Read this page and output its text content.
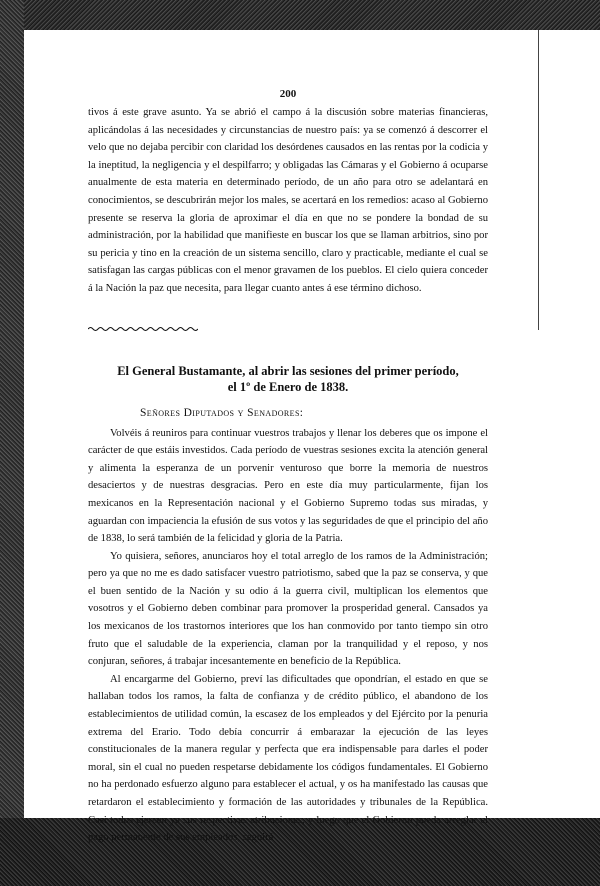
200

tivos á este grave asunto. Ya se abrió el campo á la discusión sobre materias financieras, aplicándolas á las necesidades y circunstancias de nuestro país: ya se comenzó á descorrer el velo que no dejaba percibir con claridad los desórdenes causados en las rentas por la codicia y la ineptitud, la negligencia y el despilfarro; y obligadas las Cámaras y el Gobierno á ocuparse anualmente de esta materia en determinado período, de un año para otro se adelantará en conocimientos, se descubrirán mejor los males, se acertará en los remedios: acaso al Gobierno presente se reserva la gloria de aproximar el día en que no se pondere la bondad de su administración, por la habilidad que manifieste en buscar los que se llaman arbitrios, sino por su pericia y tino en la creación de un sistema sencillo, claro y practicable, mediante el cual se satisfagan las cargas públicas con el menor gravamen de los pueblos. El cielo quiera conceder á la Nación la paz que necesita, para llegar cuanto antes á ese término dichoso.

El General Bustamante, al abrir las sesiones del primer período,
el 1º de Enero de 1838.
Señores Diputados y Senadores:

Volvéis á reuniros para continuar vuestros trabajos y llenar los deberes que os impone el carácter de que estáis investidos. Cada período de vuestras sesiones excita la atención general y alimenta la esperanza de un porvenir venturoso que borre la memoria de nuestros desaciertos y de nuestras desgracias. Pero en este día muy particularmente, fijan los mexicanos en la Representación nacional y el Gobierno Supremo todas sus miradas, y aguardan con impaciencia la efusión de sus votos y las seguridades de que el principio del año de 1838, lo será también de la felicidad y gloria de la Patria.

Yo quisiera, señores, anunciaros hoy el total arreglo de los ramos de la Administración; pero ya que no me es dado satisfacer vuestro patriotismo, sabed que la paz se conserva, y que el buen sentido de la Nación y su odio á la guerra civil, multiplican los elementos que vosotros y el Gobierno deben combinar para promover la prosperidad general. Cansados ya los mexicanos de los trastornos interiores que los han conmovido por tanto tiempo sin otro fruto que el saludable de la experiencia, claman por la tranquilidad y el reposo, y nos conjuran, señores, á trabajar incesantemente en beneficio de la República.

Al encargarme del Gobierno, preví las dificultades que opondrían, el estado en que se hallaban todos los ramos, la falta de confianza y de crédito público, el abandono de los establecimientos de utilidad común, la escasez de los empleados y del Ejército por la penuria extrema del Erario. Todo debía concurrir á embarazar la ejecución de las leyes constitucionales de la manera regular y perfecta que era indispensable para darles el poder moral, sin el cual no pueden respetarse debidamente los códigos fundamentales. El Gobierno no ha perdonado esfuerzo alguno para establecer el actual, y os ha manifestado las causas que retardaron el establecimiento y formación de las autoridades y tribunales de la República. Casi todos ejercen ya sus respectivas atribuciones, y luego que el Gobierno pueda arreglar el pago permanente de sus empleados, seguirá
